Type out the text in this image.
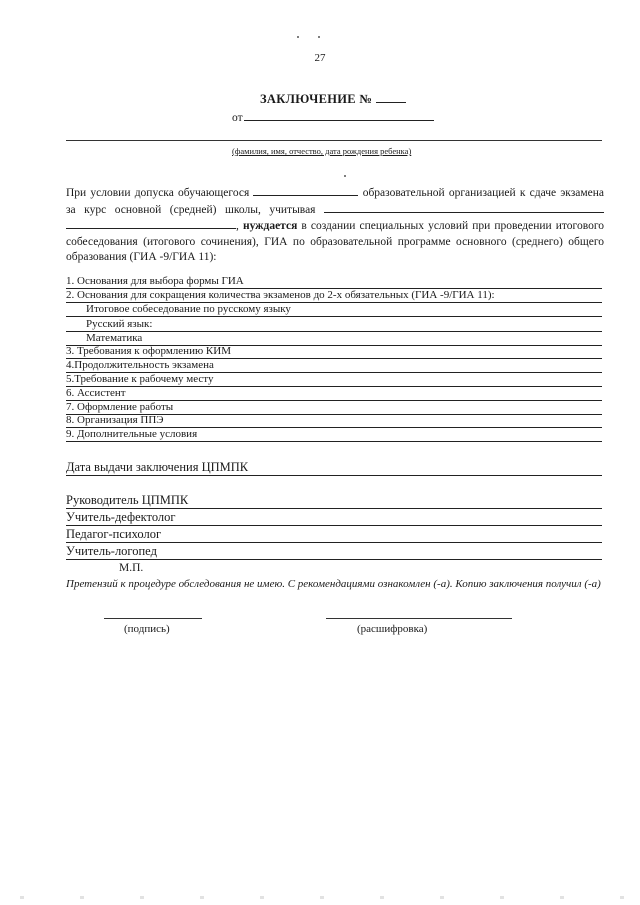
27
ЗАКЛЮЧЕНИЕ №
от
(фамилия, имя, отчество, дата рождения ребенка)
При условии допуска обучающегося	образовательной организацией к сдаче экзамена за курс основной (средней) школы, учитывая  , нуждается в создании специальных условий при проведении итогового собеседования (итогового сочинения), ГИА по образовательной программе основного (среднего) общего образования (ГИА -9/ГИА 11):
1. Основания для выбора формы ГИА
2. Основания для сокращения количества экзаменов до 2-х обязательных (ГИА -9/ГИА 11):
Итоговое собеседование по русскому языку
Русский язык:
Математика
3. Требования к оформлению КИМ
4.Продолжительность экзамена
5.Требование к рабочему месту
6. Ассистент
7. Оформление работы
8. Организация ППЭ
9. Дополнительные условия
Дата выдачи заключения ЦПМПК
Руководитель ЦПМПК
Учитель-дефектолог
Педагог-психолог
Учитель-логопед
М.П.
Претензий к процедуре обследования не имею. С рекомендациями ознакомлен (-а). Копию заключения получил (-а)
(подпись)	(расшифровка)
